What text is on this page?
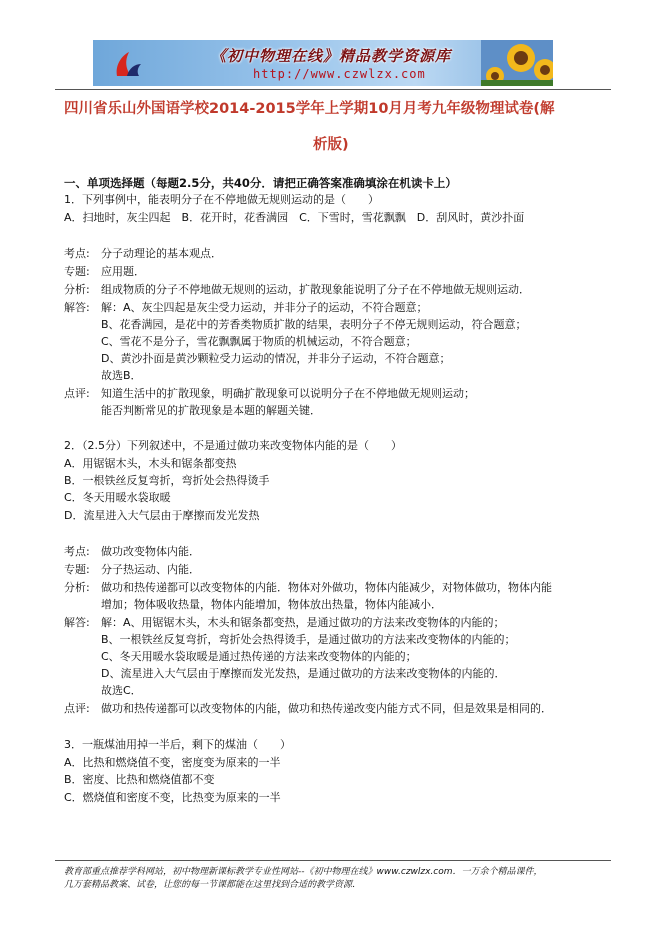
《初中物理在线》精品教学资源库
http://www.czwlzx.com
四川省乐山外国语学校2014-2015学年上学期10月月考九年级物理试卷(解
析版)
一、单项选择题（每题2.5分，共40分．请把正确答案准确填涂在机读卡上）
1．下列事例中，能表明分子在不停地做无规则运动的是（　　）
A．扫地时，灰尘四起　B．花开时，花香满园　C．下雪时，雪花飘飘　D．刮风时，黄沙扑面
考点: 分子动理论的基本观点．
专题: 应用题．
分析: 组成物质的分子不停地做无规则的运动，扩散现象能说明了分子在不停地做无规则运动．
解答: 解：A、灰尘四起是灰尘受力运动，并非分子的运动，不符合题意；
B、花香满园，是花中的芳香类物质扩散的结果，表明分子不停无规则运动，符合题意；
C、雪花不是分子，雪花飘飘属于物质的机械运动，不符合题意；
D、黄沙扑面是黄沙颗粒受力运动的情况，并非分子运动，不符合题意；
故选B．
点评: 知道生活中的扩散现象，明确扩散现象可以说明分子在不停地做无规则运动；
能否判断常见的扩散现象是本题的解题关键．
2．（2.5分）下列叙述中，不是通过做功来改变物体内能的是（　　）
A．用锯锯木头，木头和锯条都变热
B．一根铁丝反复弯折，弯折处会热得烫手
C．冬天用暖水袋取暖
D．流星进入大气层由于摩擦而发光发热
考点: 做功改变物体内能．
专题: 分子热运动、内能．
分析: 做功和热传递都可以改变物体的内能．物体对外做功，物体内能减少，对物体做功，物体内能
增加；物体吸收热量，物体内能增加，物体放出热量，物体内能减小．
解答: 解：A、用锯锯木头，木头和锯条都变热，是通过做功的方法来改变物体的内能的；
B、一根铁丝反复弯折，弯折处会热得烫手，是通过做功的方法来改变物体的内能的；
C、冬天用暖水袋取暖是通过热传递的方法来改变物体的内能的；
D、流星进入大气层由于摩擦而发光发热，是通过做功的方法来改变物体的内能的．
故选C．
点评: 做功和热传递都可以改变物体的内能，做功和热传递改变内能方式不同，但是效果是相同的．
3．一瓶煤油用掉一半后，剩下的煤油（　　）
A．比热和燃烧值不变，密度变为原来的一半
B．密度、比热和燃烧值都不变
C．燃烧值和密度不变，比热变为原来的一半
教育部重点推荐学科网站，初中物理新课标教学专业性网站--《初中物理在线》www.czwlzx.com．一万余个精品课件，
几万套精品教案、试卷，让您的每一节课都能在这里找到合适的教学资源．
